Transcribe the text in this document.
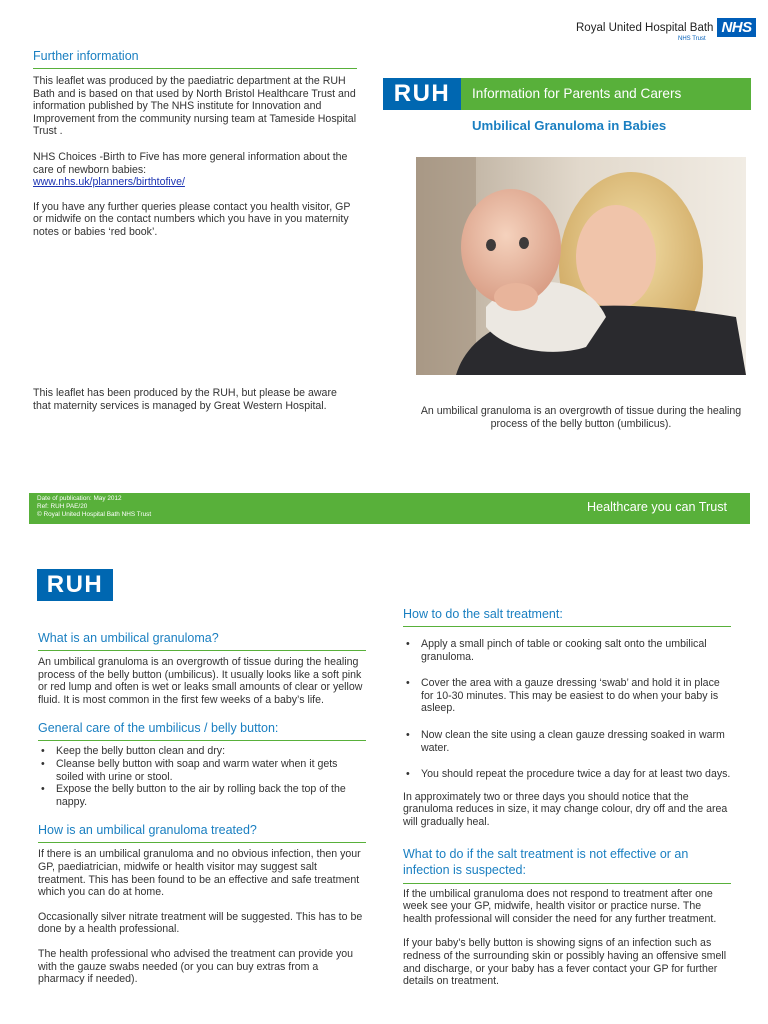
Royal United Hospital Bath NHS
NHS Trust
Further information

This leaflet was produced by the paediatric department at the RUH Bath and is based on that used by North Bristol Healthcare Trust and information published by The NHS institute for Innovation and Improvement from the community nursing team at Tameside Hospital Trust .

NHS Choices -Birth to Five has more general information about the care of newborn babies:

www.nhs.uk/planners/birthtofive/

If you have any further queries please contact you health visitor, GP or midwife on the contact numbers which you have in you maternity notes or babies ‘red book’.

This leaflet has been produced by the RUH, but please be aware that maternity services is managed by Great Western Hospital.

RUH	Information for Parents and Carers
Umbilical Granuloma in Babies

An umbilical granuloma is an overgrowth of tissue during the healing process of the belly button (umbilicus).

Date of publication: May 2012
Ref: RUH PAE/20
© Royal United Hospital Bath NHS Trust
Healthcare you can Trust
RUH
What is an umbilical granuloma?

An umbilical granuloma is an overgrowth of tissue during the healing process of the belly button (umbilicus). It usually looks like a soft pink or red lump and often is wet or leaks small amounts of clear or yellow fluid. It is most common in the first few weeks of a baby’s life.

General care of the umbilicus / belly button:
• Keep the belly button clean and dry:
• Cleanse belly button with soap and warm water when it gets soiled with urine or stool.
• Expose the belly button to the air by rolling back the top of the nappy.
How is an umbilical granuloma treated?

If there is an umbilical granuloma and no obvious infection, then your GP, paediatrician, midwife or health visitor may suggest salt treatment. This has been found to be an effective and safe treatment which you can do at home.

Occasionally silver nitrate treatment will be suggested. This has to be done by a health professional.

The health professional who advised the treatment can provide you with the gauze swabs needed (or you can buy extras from a pharmacy if needed).

How to do the salt treatment:
• Apply a small pinch of table or cooking salt onto the umbilical granuloma.
• Cover the area with a gauze dressing ‘swab’ and hold it in place for 10-30 minutes. This may be easiest to do when your baby is asleep.
• Now clean the site using a clean gauze dressing soaked in warm water.
• You should repeat the procedure twice a day for at least two days.

In approximately two or three days you should notice that the granuloma reduces in size, it may change colour, dry off and the area will gradually heal.

What to do if the salt treatment is not effective or an infection is suspected:

If the umbilical granuloma does not respond to treatment after one week see your GP, midwife, health visitor or practice nurse. The health professional will consider the need for any further treatment.

If your baby's belly button is showing signs of an infection such as redness of the surrounding skin or possibly having an offensive smell and discharge, or your baby has a fever contact your GP for further details on treatment.
